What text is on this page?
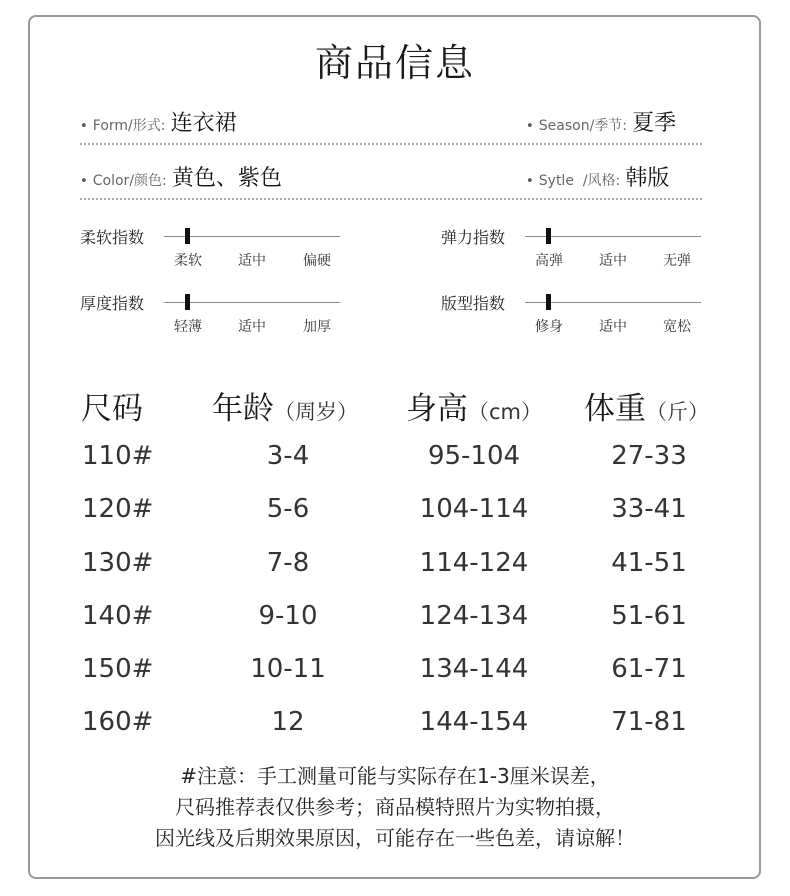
商品信息
• Form/形式: 连衣裙	• Season/季节: 夏季
• Color/颜色: 黄色、紫色	• Sytle  /风格: 韩版
柔软指数
柔软	适中	偏硬
弹力指数
高弹	适中	无弹
厚度指数
轻薄	适中	加厚
版型指数
修身	适中	宽松
尺码 年龄（周岁） 身高（cm） 体重（斤）
110#	3-4	95-104	27-33
120#	5-6	104-114	33-41
130#	7-8	114-124	41-51
140#	9-10	124-134	51-61
150#	10-11	134-144	61-71
160#	12	144-154	71-81
#注意：手工测量可能与实际存在1-3厘米误差，
尺码推荐表仅供参考；商品模特照片为实物拍摄，
因光线及后期效果原因，可能存在一些色差，请谅解！
